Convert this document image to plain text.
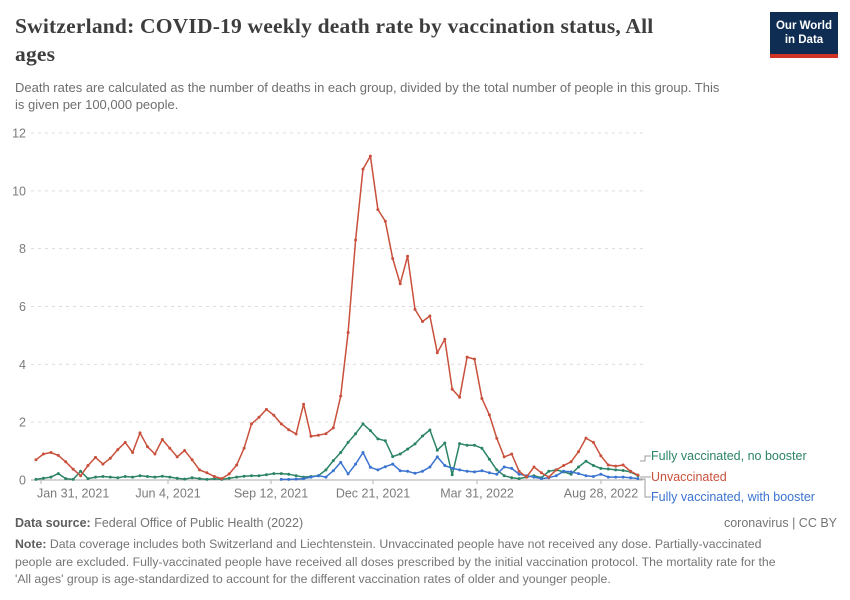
Switzerland: COVID-19 weekly death rate by vaccination status, All
ages
Death rates are calculated as the number of deaths in each group, divided by the total number of people in this group. This
is given per 100,000 people.
Our World
in Data
0
2
4
6
8
10
12
Jan 31, 2021 Jun 4, 2021	Sep 12, 2021 Dec 21, 2021 Mar 31, 2022	Aug 28, 2022
Fully vaccinated, no booster
Unvaccinated
Fully vaccinated, with booster
Data source: Federal Office of Public Health (2022)	coronavirus | CC BY
Note: Data coverage includes both Switzerland and Liechtenstein. Unvaccinated people have not received any dose. Partially-vaccinated
people are excluded. Fully-vaccinated people have received all doses prescribed by the initial vaccination protocol. The mortality rate for the
'All ages' group is age-standardized to account for the different vaccination rates of older and younger people.
